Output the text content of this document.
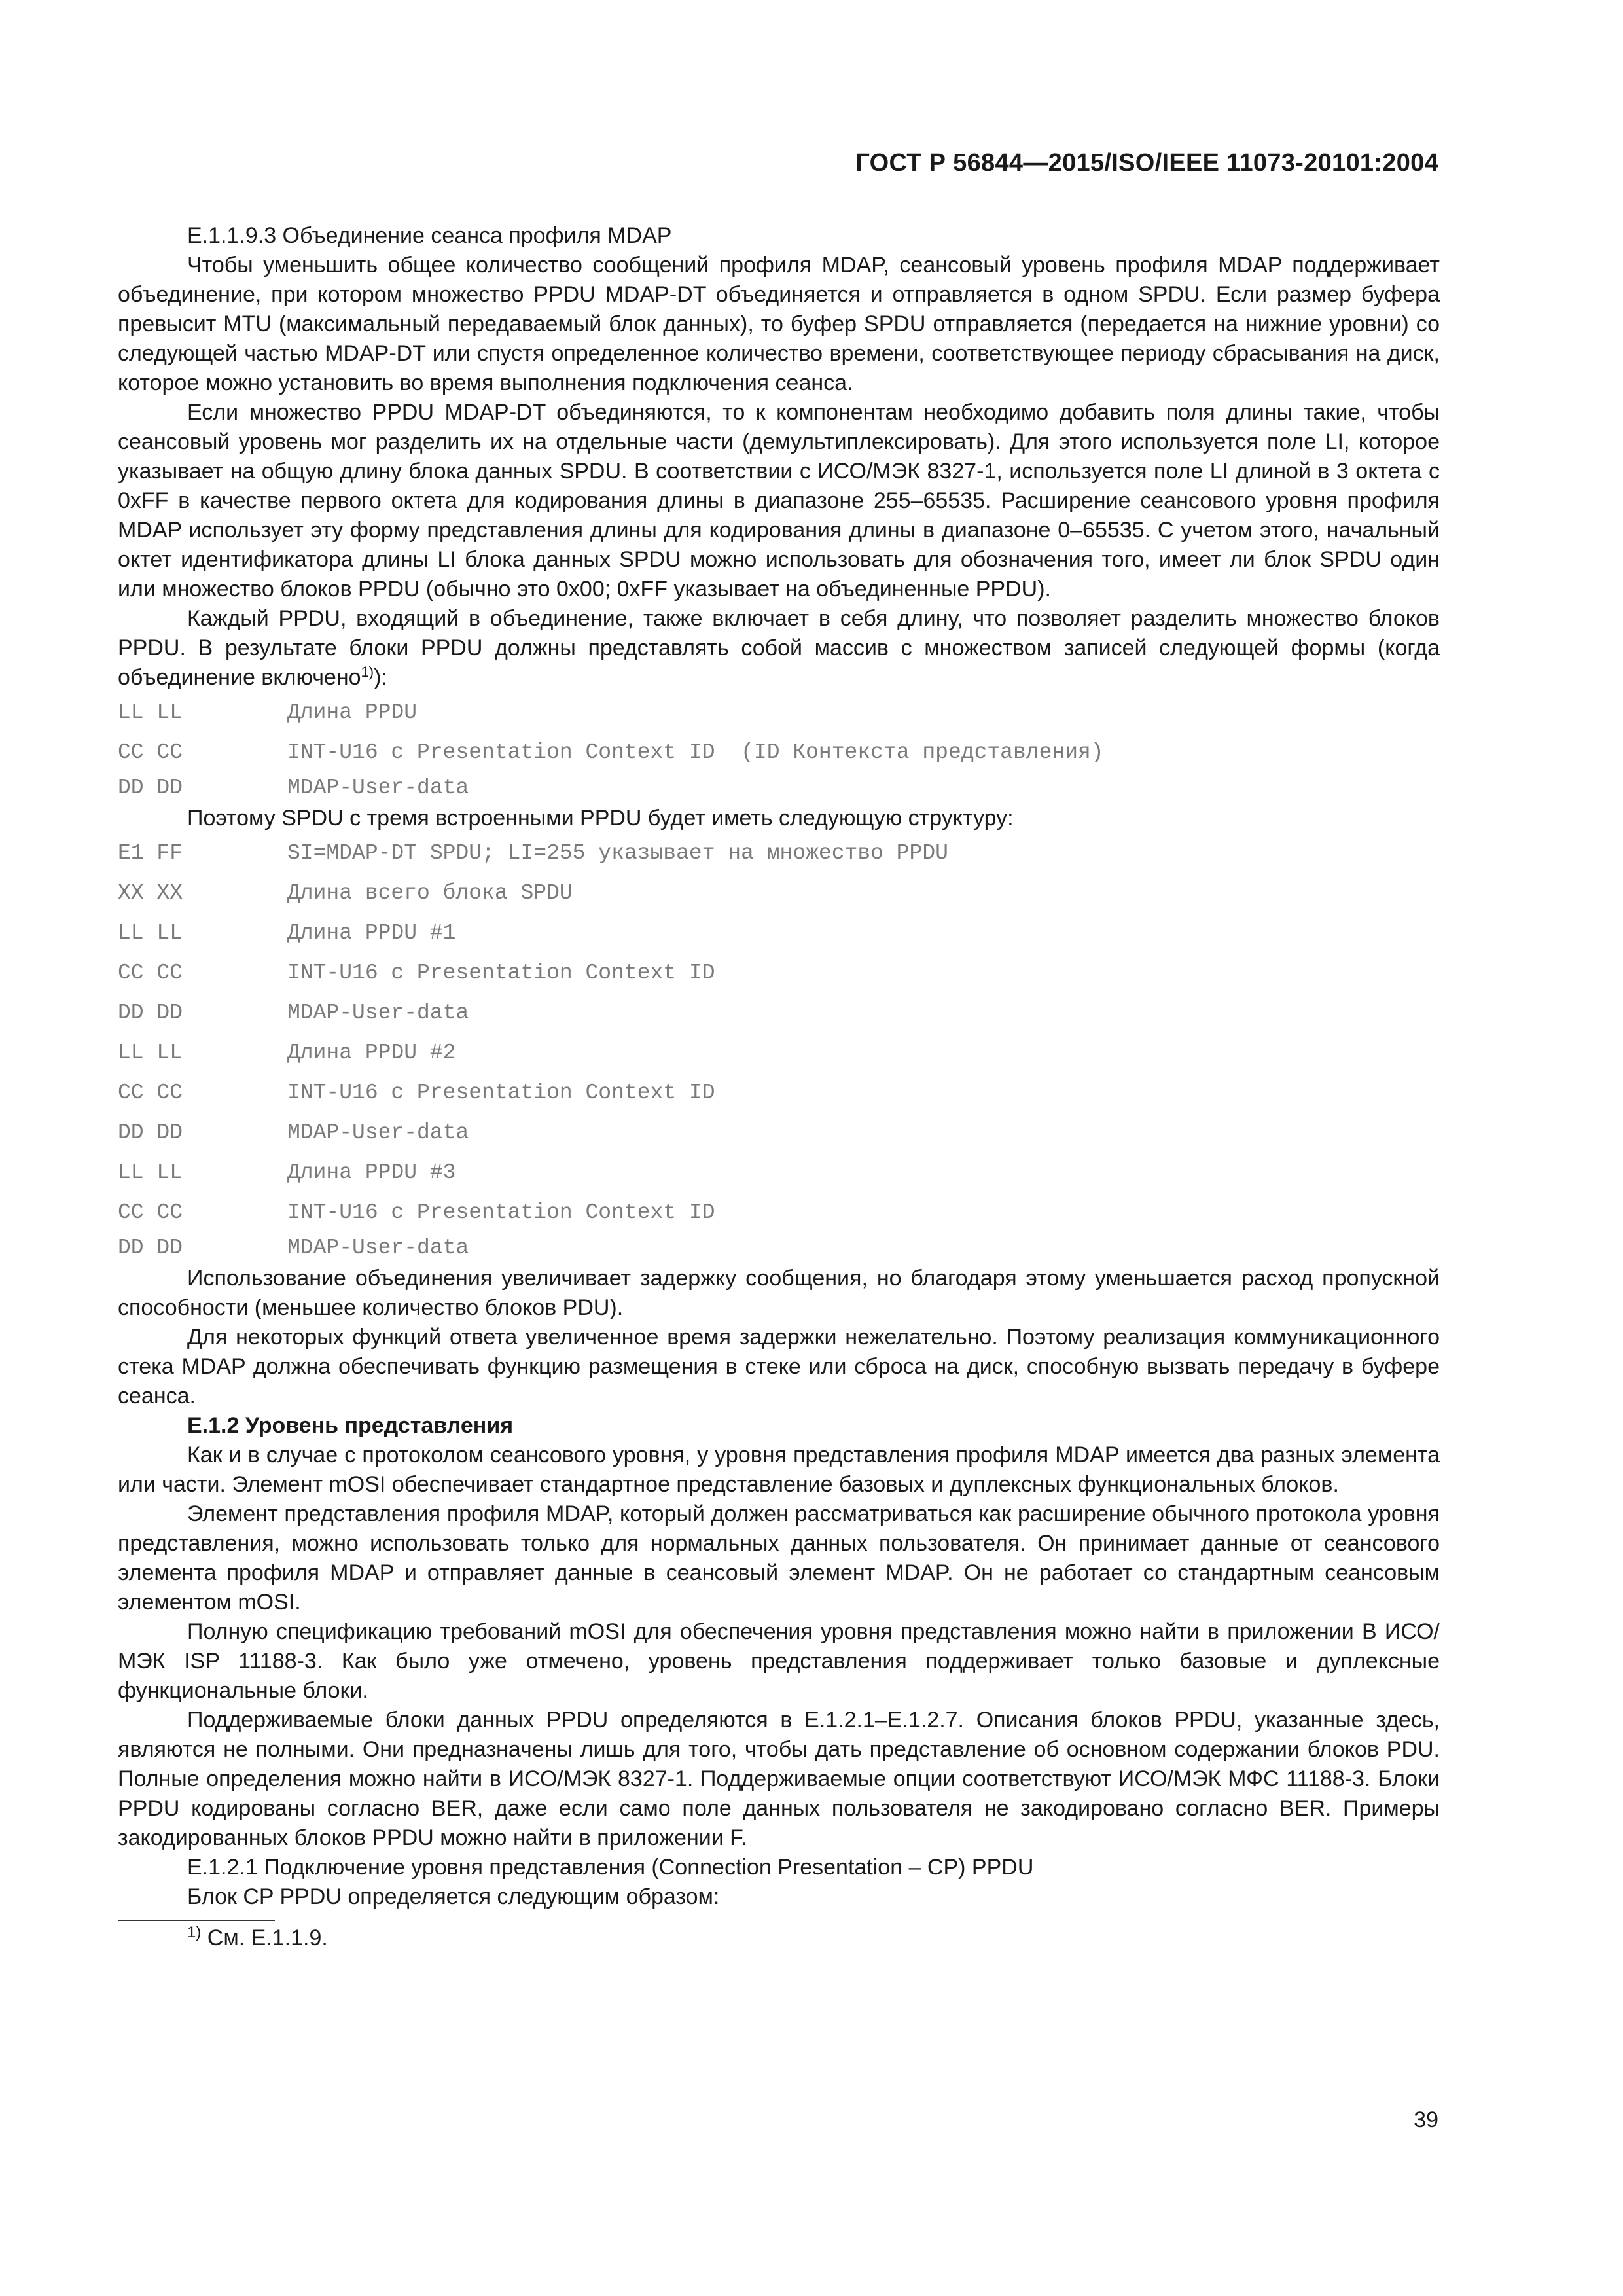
ГОСТ Р 56844—2015/ISO/IEEE 11073-20101:2004

Е.1.1.9.3 Объединение сеанса профиля MDAP

Чтобы уменьшить общее количество сообщений профиля MDAP, сеансовый уровень профиля MDAP поддерживает объединение, при котором множество PPDU MDAP-DT объединяется и отправляется в одном SPDU. Если размер буфера превысит MTU (максимальный передаваемый блок данных), то буфер SPDU отправляется (передается на нижние уровни) со следующей частью MDAP-DT или спустя определенное количество времени, соответствующее периоду сбрасывания на диск, которое можно установить во время выполнения подключения сеанса.

Если множество PPDU MDAP-DT объединяются, то к компонентам необходимо добавить поля длины такие, чтобы сеансовый уровень мог разделить их на отдельные части (демультиплексировать). Для этого используется поле LI, которое указывает на общую длину блока данных SPDU. В соответствии с ИСО/МЭК 8327-1, используется поле LI длиной в 3 октета с 0xFF в качестве первого октета для кодирования длины в диапазоне 255–65535. Расширение сеансового уровня профиля MDAP использует эту форму представления длины для кодирования длины в диапазоне 0–65535. С учетом этого, начальный октет идентификатора длины LI блока данных SPDU можно использовать для обозначения того, имеет ли блок SPDU один или множество блоков PPDU (обычно это 0x00; 0xFF указывает на объединенные PPDU).

Каждый PPDU, входящий в объединение, также включает в себя длину, что позволяет разделить множество блоков PPDU. В результате блоки PPDU должны представлять собой массив с множеством записей следующей формы (когда объединение включено$^{1)}$):

LL LL	Длина PPDU
CC CC	INT-U16 с Presentation Context ID  (ID Контекста представления)
DD DD	MDAP-User-data

Поэтому SPDU с тремя встроенными PPDU будет иметь следующую структуру:

E1 FF	SI=MDAP-DT SPDU; LI=255 указывает на множество PPDU
XX XX	Длина всего блока SPDU
LL LL	Длина PPDU #1
CC CC	INT-U16 с Presentation Context ID
DD DD	MDAP-User-data
LL LL	Длина PPDU #2
CC CC	INT-U16 с Presentation Context ID
DD DD	MDAP-User-data
LL LL	Длина PPDU #3
CC CC	INT-U16 с Presentation Context ID
DD DD	MDAP-User-data

Использование объединения увеличивает задержку сообщения, но благодаря этому уменьшается расход пропускной способности (меньшее количество блоков PDU).

Для некоторых функций ответа увеличенное время задержки нежелательно. Поэтому реализация коммуникационного стека MDAP должна обеспечивать функцию размещения в стеке или сброса на диск, способную вызвать передачу в буфере сеанса.

Е.1.2 Уровень представления

Как и в случае с протоколом сеансового уровня, у уровня представления профиля MDAP имеется два разных элемента или части. Элемент mOSI обеспечивает стандартное представление базовых и дуплексных функциональных блоков.

Элемент представления профиля MDAP, который должен рассматриваться как расширение обычного протокола уровня представления, можно использовать только для нормальных данных пользователя. Он принимает данные от сеансового элемента профиля MDAP и отправляет данные в сеансовый элемент MDAP. Он не работает со стандартным сеансовым элементом mOSI.

Полную спецификацию требований mOSI для обеспечения уровня представления можно найти в приложении В ИСО/МЭК ISP 11188-3. Как было уже отмечено, уровень представления поддерживает только базовые и дуплексные функциональные блоки.

Поддерживаемые блоки данных PPDU определяются в Е.1.2.1–Е.1.2.7. Описания блоков PPDU, указанные здесь, являются не полными. Они предназначены лишь для того, чтобы дать представление об основном содержании блоков PDU. Полные определения можно найти в ИСО/МЭК 8327-1. Поддерживаемые опции соответствуют ИСО/МЭК МФС 11188-3. Блоки PPDU кодированы согласно BER, даже если само поле данных пользователя не закодировано согласно BER. Примеры закодированных блоков PPDU можно найти в приложении F.

Е.1.2.1 Подключение уровня представления (Connection Presentation – CP) PPDU

Блок CP PPDU определяется следующим образом:

$^{1)}$ См. Е.1.1.9.
39
